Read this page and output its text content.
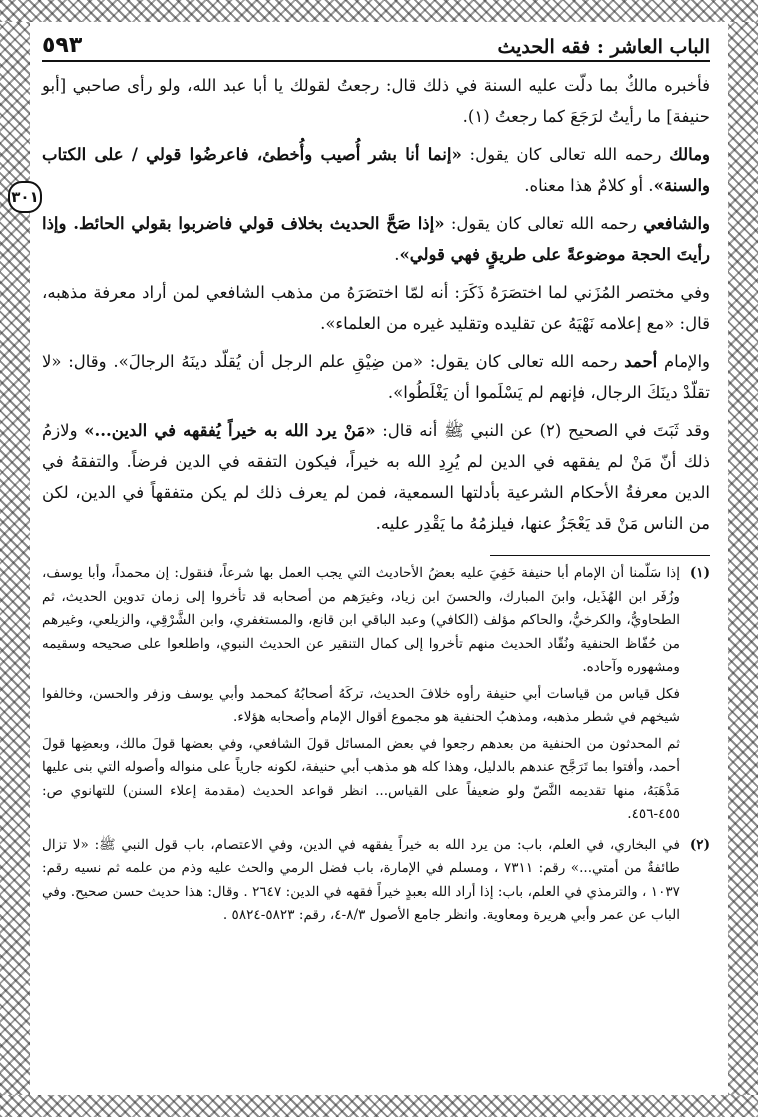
الباب العاشر : فقه الحديث
٥٩٣
٣٠١

فأخبره مالكٌ بما دلّت عليه السنة في ذلك قال: رجعتُ لقولك يا أبا عبد الله، ولو رأى صاحبي [أبو حنيفة] ما رأيتُ لرَجَعَ كما رجعتُ (١).

ومالك رحمه الله تعالى كان يقول: «إنما أنا بشر أُصيب وأُخطئ، فاعرضُوا قولي / على الكتاب والسنة». أو كلامٌ هذا معناه.

والشافعي رحمه الله تعالى كان يقول: «إذا صَحَّ الحديث بخلاف قولي فاضربوا بقولي الحائط. وإذا رأيتَ الحجة موضوعةً على طريقٍ فهي قولي».

وفي مختصر المُزَني لما اختصَرَهُ ذَكَرَ: أنه لمّا اختصَرَهُ من مذهب الشافعي لمن أراد معرفة مذهبه، قال: «مع إعلامه نَهْيَهُ عن تقليده وتقليد غيره من العلماء».

والإمام أحمد رحمه الله تعالى كان يقول: «من ضِيْقِ علم الرجل أن يُقلّد دينَهُ الرجالَ». وقال: «لا تقلّدْ دينَكَ الرجال، فإنهم لم يَسْلَموا أن يَغْلَطُوا».

وقد ثَبَتَ في الصحيح (٢) عن النبي ﷺ أنه قال: «مَنْ يرد الله به خيراً يُفقهه في الدين...» ولازمُ ذلك أنّ مَنْ لم يفقهه في الدين لم يُرِدِ الله به خيراً، فيكون التفقه في الدين فرضاً. والتفقهُ في الدين معرفةُ الأحكام الشرعية بأدلتها السمعية، فمن لم يعرف ذلك لم يكن متفقهاً في الدين، لكن من الناس مَنْ قد يَعْجَزُ عنها، فيلزمُهُ ما يَقْدِر عليه.

(١)

إذا سَلّمنا أن الإمام أبا حنيفة خَفِيَ عليه بعضُ الأحاديث التي يجب العمل بها شرعاً، فنقول: إن محمداً، وأبا يوسف، وزُفَر ابن الهُذَيل، وابنَ المبارك، والحسنَ ابن زياد، وغيرَهم من أصحابه قد تأخروا إلى زمان تدوين الحديث، ثم الطحاويُّ، والكرخيُّ، والحاكم مؤلف (الكافي) وعبد الباقي ابن قانع، والمستغفري، وابن الشَّرْقِي، والزيلعي، وغيرهم من حُفّاظ الحنفية ونُقّاد الحديث منهم تأخروا إلى كمال التنقير عن الحديث النبوي، واطلعوا على صحيحه وسقيمه ومشهوره وآحاده.

فكل قياس من قياسات أبي حنيفة رأوه خلافَ الحديث، تركَهُ أصحابُهُ كمحمد وأبي يوسف وزفر والحسن، وخالفوا شيخهم في شطر مذهبه، ومذهبُ الحنفية هو مجموع أقوال الإمام وأصحابه هؤلاء.

ثم المحدثون من الحنفية من بعدهم رجعوا في بعض المسائل قولَ الشافعي، وفي بعضها قولَ مالك، وبعضِها قولَ أحمد، وأفتوا بما تَرَجَّح عندهم بالدليل، وهذا كله هو مذهب أبي حنيفة، لكونه جارياً على منواله وأصوله التي بنى عليها مَذْهَبَهُ، منها تقديمه النَّصّ ولو ضعيفاً على القياس... انظر قواعد الحديث (مقدمة إعلاء السنن) للتهانوي ص: ٤٥٥-٤٥٦.

(٢)

في البخاري، في العلم، باب: من يرد الله به خيراً يفقهه في الدين، وفي الاعتصام، باب قول النبي ﷺ: «لا تزال طائفةٌ من أمتي...» رقم: ٧٣١١ ، ومسلم في الإمارة، باب فضل الرمي والحث عليه وذم من علمه ثم نسيه رقم: ١٠٣٧ ، والترمذي في العلم، باب: إذا أراد الله بعبدٍ خيراً فقهه في الدين: ٢٦٤٧ . وقال: هذا حديث حسن صحيح. وفي الباب عن عمر وأبي هريرة ومعاوية. وانظر جامع الأصول ٨/٣-٤، رقم: ٥٨٢٣-٥٨٢٤ .
